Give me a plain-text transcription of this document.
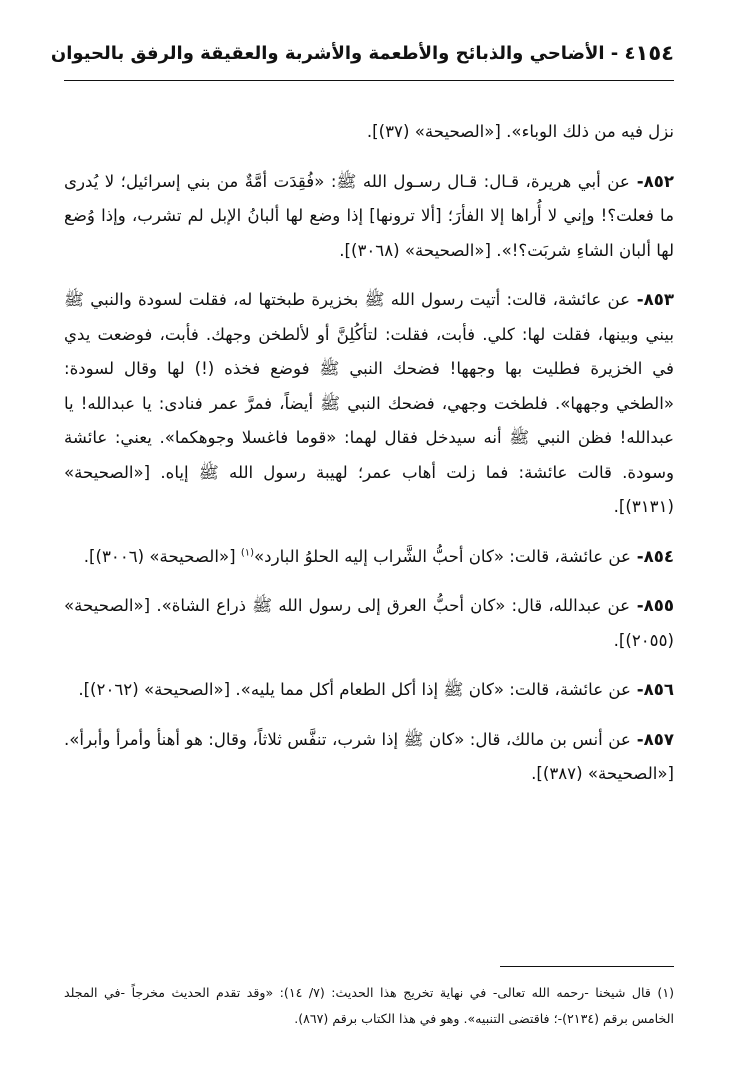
١٥٤
٤ - الأضاحي والذبائح والأطعمة والأشربة والعقيقة والرفق بالحيوان

نزل فيه من ذلك الوباء». [«الصحيحة» (٣٧)].

٨٥٢- عن أبي هريرة، قـال: قـال رسـول الله ﷺ: «فُقِدَت أمَّةٌ من بني إسرائيل؛ لا يُدرى ما فعلت؟! وإني لا أُراها إلا الفأرَ؛ [ألا ترونها] إذا وضع لها ألبانُ الإبل لم تشرب، وإذا وُضع لها ألبان الشاءِ شربَت؟!». [«الصحيحة» (٣٠٦٨)].

٨٥٣- عن عائشة، قالت: أتيت رسول الله ﷺ بخزيرة طبختها له، فقلت لسودة والنبي ﷺ بيني وبينها، فقلت لها: كلي. فأبت، فقلت: لتأكُلِنَّ أو لألطخن وجهك. فأبت، فوضعت يدي في الخزيرة فطليت بها وجهها! فضحك النبي ﷺ فوضع فخذه (!) لها وقال لسودة: «الطخي وجهها». فلطخت وجهي، فضحك النبي ﷺ أيضاً، فمرَّ عمر فنادى: يا عبدالله! يا عبدالله! فظن النبي ﷺ أنه سيدخل فقال لهما: «قوما فاغسلا وجوهكما». يعني: عائشة وسودة. قالت عائشة: فما زلت أهاب عمر؛ لهيبة رسول الله ﷺ إياه. [«الصحيحة» (٣١٣١)].

٨٥٤- عن عائشة، قالت: «كان أحبُّ الشَّراب إليه الحلوُ البارد»$^{(١)}$ [«الصحيحة» (٣٠٠٦)].

٨٥٥- عن عبدالله، قال: «كان أحبُّ العرق إلى رسول الله ﷺ ذراع الشاة». [«الصحيحة» (٢٠٥٥)].

٨٥٦- عن عائشة، قالت: «كان ﷺ إذا أكل الطعام أكل مما يليه». [«الصحيحة» (٢٠٦٢)].

٨٥٧- عن أنس بن مالك، قال: «كان ﷺ إذا شرب، تنفَّس ثلاثاً، وقال: هو أهنأ وأمرأ وأبرأ». [«الصحيحة» (٣٨٧)].

(١) قال شيخنا -رحمه الله تعالى- في نهاية تخريج هذا الحديث: (٧/ ١٤): «وقد تقدم الحديث مخرجاً -في المجلد الخامس برقم (٢١٣٤)-؛ فاقتضى التنبيه». وهو في هذا الكتاب برقم (٨٦٧).
